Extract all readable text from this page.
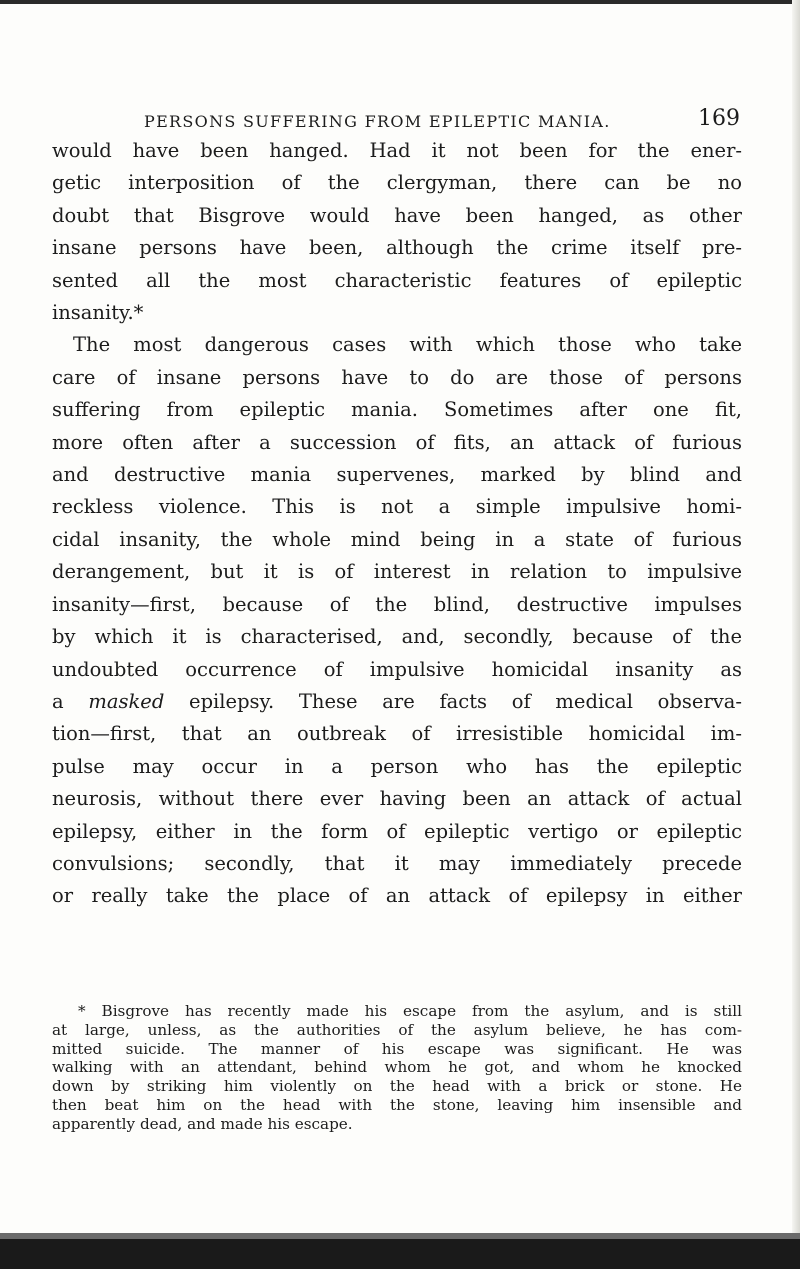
PERSONS SUFFERING FROM EPILEPTIC MANIA.	169
would have been hanged. Had it not been for the ener-
getic interposition of the clergyman, there can be no
doubt that Bisgrove would have been hanged, as other
insane persons have been, although the crime itself pre-
sented all the most characteristic features of epileptic
insanity.*
The most dangerous cases with which those who take
care of insane persons have to do are those of persons
suffering from epileptic mania. Sometimes after one fit,
more often after a succession of fits, an attack of furious
and destructive mania supervenes, marked by blind and
reckless violence. This is not a simple impulsive homi-
cidal insanity, the whole mind being in a state of furious
derangement, but it is of interest in relation to impulsive
insanity—first, because of the blind, destructive impulses
by which it is characterised, and, secondly, because of the
undoubted occurrence of impulsive homicidal insanity as
a masked epilepsy. These are facts of medical observa-
tion—first, that an outbreak of irresistible homicidal im-
pulse may occur in a person who has the epileptic
neurosis, without there ever having been an attack of actual
epilepsy, either in the form of epileptic vertigo or epileptic
convulsions; secondly, that it may immediately precede
or really take the place of an attack of epilepsy in either
* Bisgrove has recently made his escape from the asylum, and is still
at large, unless, as the authorities of the asylum believe, he has com-
mitted suicide. The manner of his escape was significant. He was
walking with an attendant, behind whom he got, and whom he knocked
down by striking him violently on the head with a brick or stone. He
then beat him on the head with the stone, leaving him insensible and
apparently dead, and made his escape.
